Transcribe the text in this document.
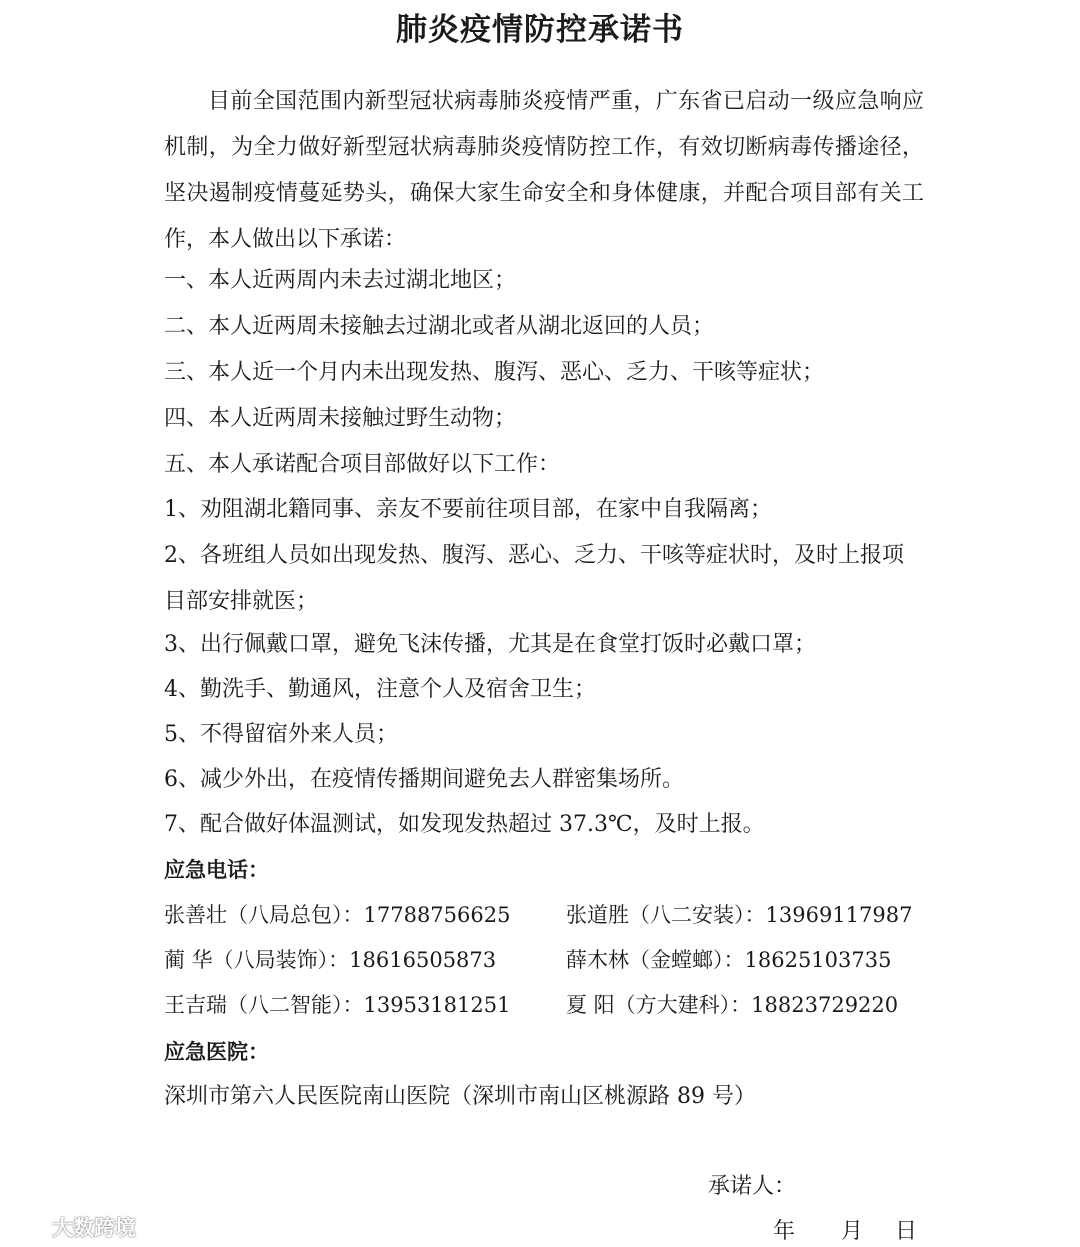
肺炎疫情防控承诺书

目前全国范围内新型冠状病毒肺炎疫情严重，广东省已启动一级应急响应机制，为全力做好新型冠状病毒肺炎疫情防控工作，有效切断病毒传播途径，坚决遏制疫情蔓延势头，确保大家生命安全和身体健康，并配合项目部有关工作，本人做出以下承诺：

一、本人近两周内未去过湖北地区；
二、本人近两周未接触去过湖北或者从湖北返回的人员；
三、本人近一个月内未出现发热、腹泻、恶心、乏力、干咳等症状；
四、本人近两周未接触过野生动物；
五、本人承诺配合项目部做好以下工作：
1、劝阻湖北籍同事、亲友不要前往项目部，在家中自我隔离；

2、各班组人员如出现发热、腹泻、恶心、乏力、干咳等症状时，及时上报项目部安排就医；

3、出行佩戴口罩，避免飞沫传播，尤其是在食堂打饭时必戴口罩；
4、勤洗手、勤通风，注意个人及宿舍卫生；
5、不得留宿外来人员；
6、减少外出，在疫情传播期间避免去人群密集场所。
7、配合做好体温测试，如发现发热超过 37.3℃，及时上报。
应急电话：
张善壮（八局总包）：17788756625	张道胜（八二安装）：13969117987
蔺 华（八局装饰）：18616505873	薛木林（金螳螂）：18625103735
王吉瑞（八二智能）：13953181251	夏 阳（方大建科）：18823729220
应急医院：
深圳市第六人民医院南山医院（深圳市南山区桃源路 89 号）
承诺人：
年 月 日
大数跨境
